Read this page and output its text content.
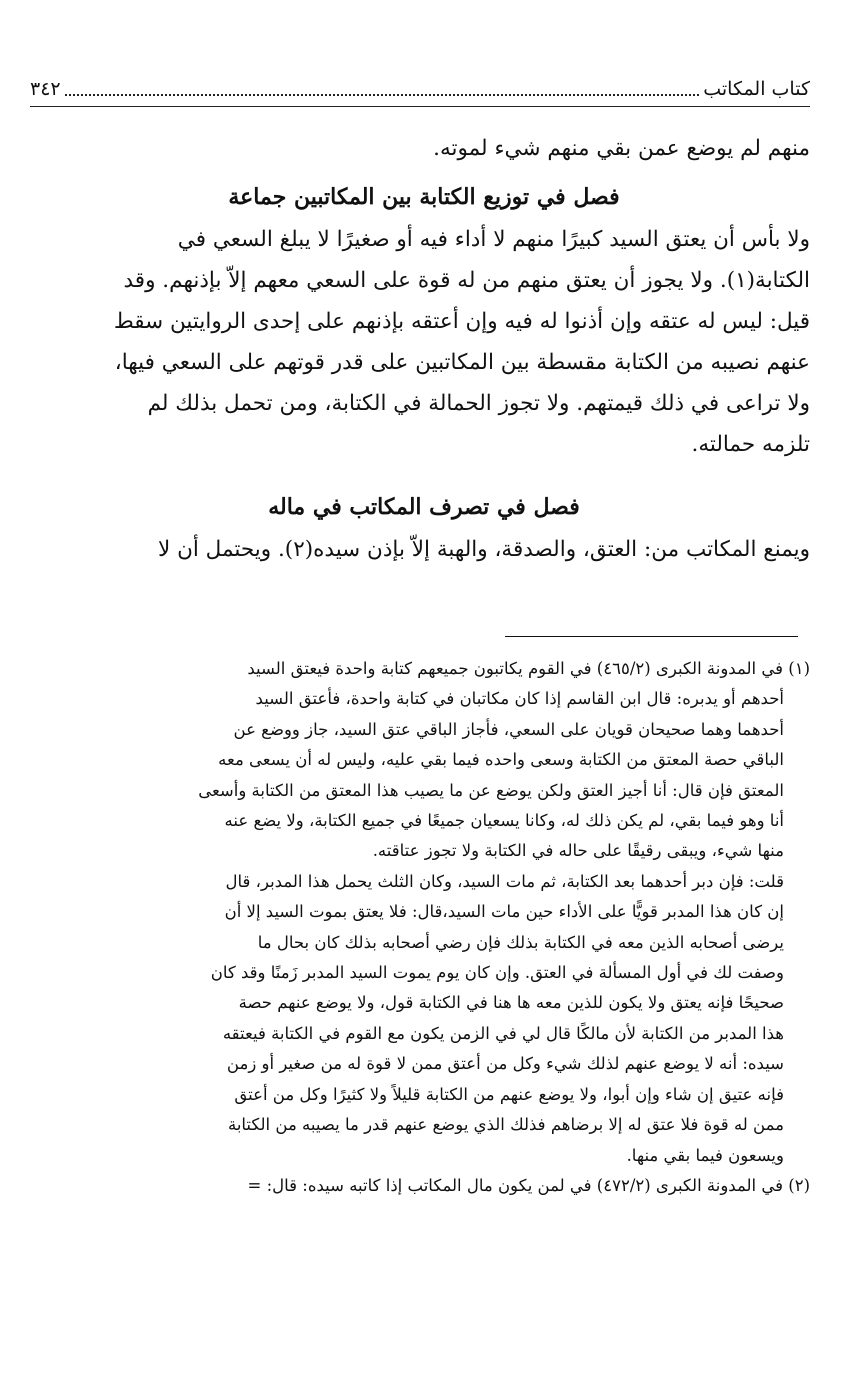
كتاب المكاتب
٣٤٢

منهم لم يوضع عمن بقي منهم شيء لموته.

فصل في توزيع الكتابة بين المكاتبين جماعة

ولا بأس أن يعتق السيد كبيرًا منهم لا أداء فيه أو صغيرًا لا يبلغ السعي في

الكتابة(١). ولا يجوز أن يعتق منهم من له قوة على السعي معهم إلاّ بإذنهم. وقد

قيل: ليس له عتقه وإن أذنوا له فيه وإن أعتقه بإذنهم على إحدى الروايتين سقط

عنهم نصيبه من الكتابة مقسطة بين المكاتبين على قدر قوتهم على السعي فيها،

ولا تراعى في ذلك قيمتهم. ولا تجوز الحمالة في الكتابة، ومن تحمل بذلك لم

تلزمه حمالته.

فصل في تصرف المكاتب في ماله

ويمنع المكاتب من: العتق، والصدقة، والهبة إلاّ بإذن سيده(٢). ويحتمل أن لا

(١) في المدونة الكبرى (٤٦٥/٢) في القوم يكاتبون جميعهم كتابة واحدة فيعتق السيد

أحدهم أو يدبره: قال ابن القاسم إذا كان مكاتبان في كتابة واحدة، فأعتق السيد

أحدهما وهما صحيحان قويان على السعي، فأجاز الباقي عتق السيد، جاز ووضع عن

الباقي حصة المعتق من الكتابة وسعى واحده فيما بقي عليه، وليس له أن يسعى معه

المعتق فإن قال: أنا أجيز العتق ولكن يوضع عن ما يصيب هذا المعتق من الكتابة وأسعى

أنا وهو فيما بقي، لم يكن ذلك له، وكانا يسعيان جميعًا في جميع الكتابة، ولا يضع عنه

منها شيء، ويبقى رقيقًا على حاله في الكتابة ولا تجوز عتاقته.

قلت: فإن دبر أحدهما بعد الكتابة، ثم مات السيد، وكان الثلث يحمل هذا المدبر، قال

إن كان هذا المدبر قويًّا على الأداء حين مات السيد،قال: فلا يعتق بموت السيد إلا أن

يرضى أصحابه الذين معه في الكتابة بذلك فإن رضي أصحابه بذلك كان بحال ما

وصفت لك في أول المسألة في العتق. وإن كان يوم يموت السيد المدبر زَمنًا وقد كان

صحيحًا فإنه يعتق ولا يكون للذين معه ها هنا في الكتابة قول، ولا يوضع عنهم حصة

هذا المدبر من الكتابة لأن مالكًا قال لي في الزمن يكون مع القوم في الكتابة فيعتقه

سيده: أنه لا يوضع عنهم لذلك شيء وكل من أعتق ممن لا قوة له من صغير أو زمن

فإنه عتيق إن شاء وإن أبوا، ولا يوضع عنهم من الكتابة قليلاً ولا كثيرًا وكل من أعتق

ممن له قوة فلا عتق له إلا برضاهم فذلك الذي يوضع عنهم قدر ما يصيبه من الكتابة

ويسعون فيما بقي منها.

(٢) في المدونة الكبرى (٤٧٢/٢) في لمن يكون مال المكاتب إذا كاتبه سيده: قال: =
